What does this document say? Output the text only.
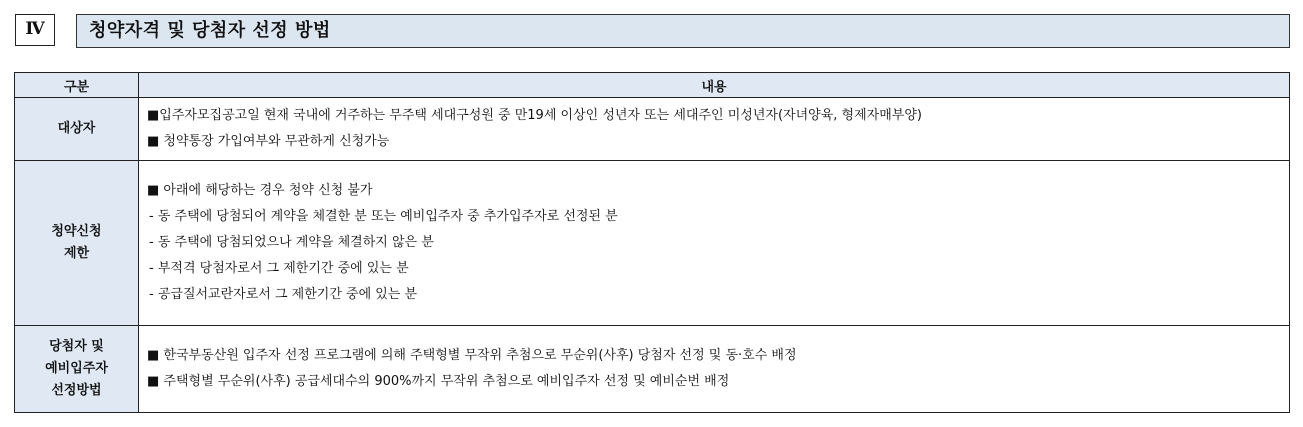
Ⅳ	청약자격 및 당첨자 선정 방법
구분	내용

대상자	■입주자모집공고일 현재 국내에 거주하는 무주택 세대구성원 중 만19세 이상인 성년자 또는 세대주인 미성년자(자녀양육, 형제자매부양)
■ 청약통장 가입여부와 무관하게 신청가능

청약신청
제한	■ 아래에 해당하는 경우 청약 신청 불가
- 동 주택에 당첨되어 계약을 체결한 분 또는 예비입주자 중 추가입주자로 선정된 분
- 동 주택에 당첨되었으나 계약을 체결하지 않은 분
- 부적격 당첨자로서 그 제한기간 중에 있는 분
- 공급질서교란자로서 그 제한기간 중에 있는 분

당첨자 및
예비입주자
선정방법	■ 한국부동산원 입주자 선정 프로그램에 의해 주택형별 무작위 추첨으로 무순위(사후) 당첨자 선정 및 동·호수 배정
■ 주택형별 무순위(사후) 공급세대수의 900%까지 무작위 추첨으로 예비입주자 선정 및 예비순번 배정
